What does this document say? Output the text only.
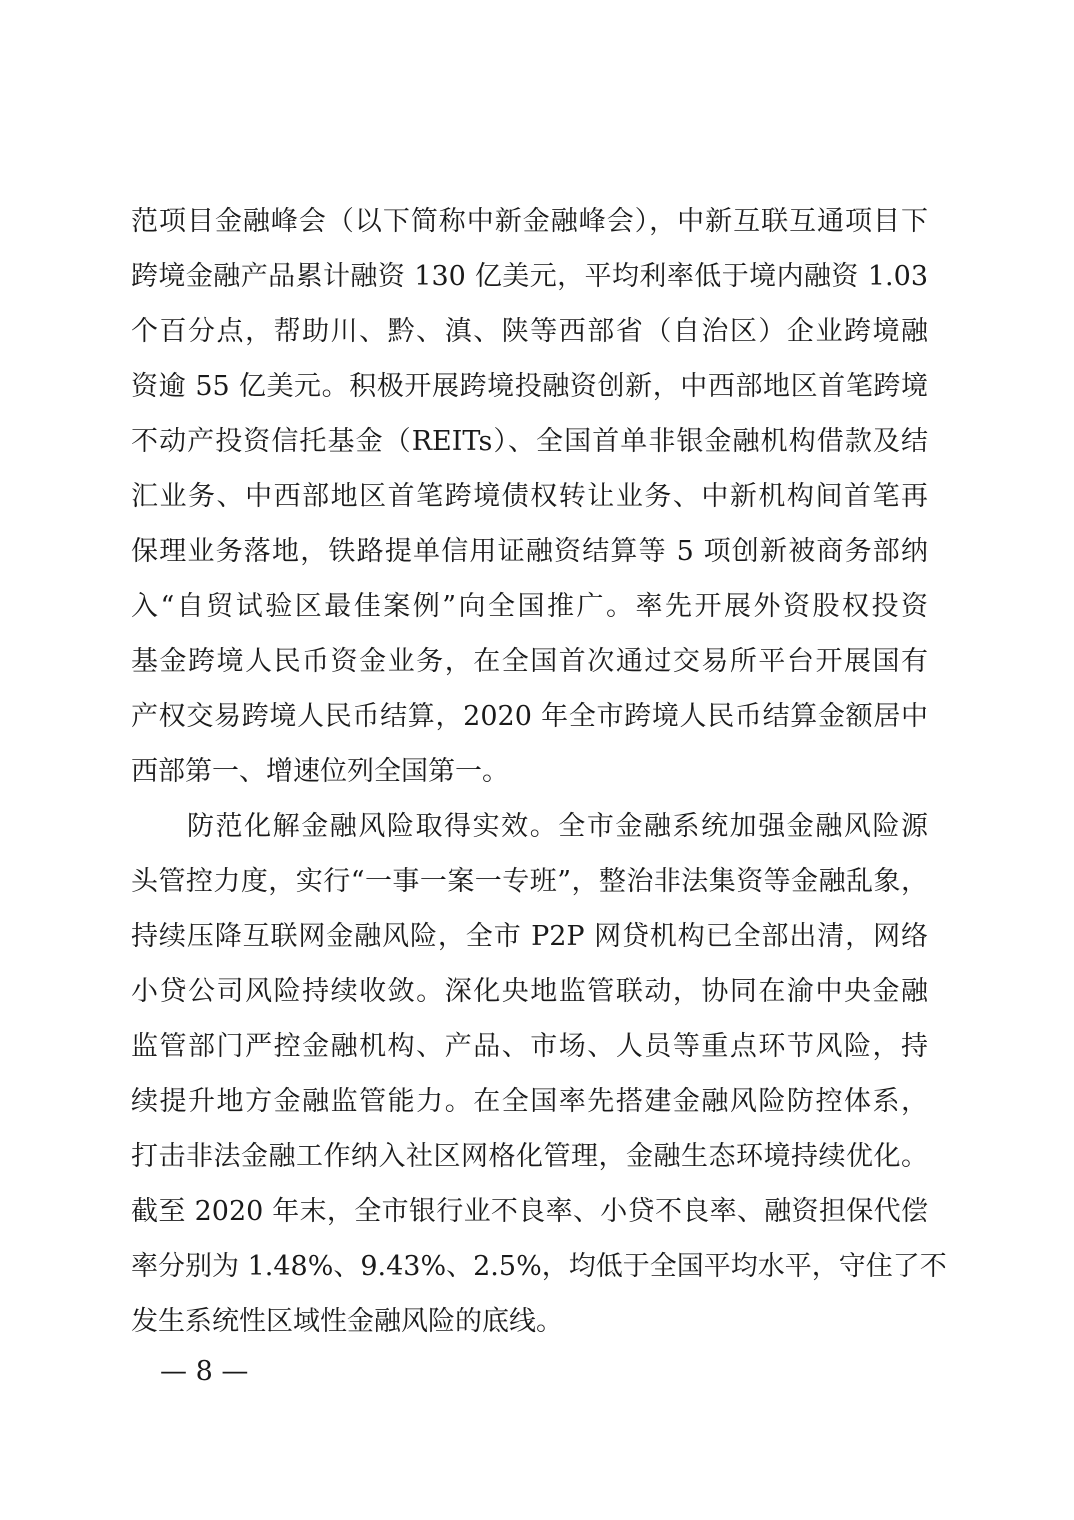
范项目金融峰会（以下简称中新金融峰会），中新互联互通项目下
跨境金融产品累计融资 130 亿美元，平均利率低于境内融资 1.03
个百分点，帮助川、黔、滇、陕等西部省（自治区）企业跨境融
资逾 55 亿美元。积极开展跨境投融资创新，中西部地区首笔跨境
不动产投资信托基金（REITs）、全国首单非银金融机构借款及结
汇业务、中西部地区首笔跨境债权转让业务、中新机构间首笔再
保理业务落地，铁路提单信用证融资结算等 5 项创新被商务部纳
入“自贸试验区最佳案例”向全国推广。率先开展外资股权投资
基金跨境人民币资金业务，在全国首次通过交易所平台开展国有
产权交易跨境人民币结算，2020 年全市跨境人民币结算金额居中
西部第一、增速位列全国第一。
防范化解金融风险取得实效。全市金融系统加强金融风险源
头管控力度，实行“一事一案一专班”，整治非法集资等金融乱象，
持续压降互联网金融风险，全市 P2P 网贷机构已全部出清，网络
小贷公司风险持续收敛。深化央地监管联动，协同在渝中央金融
监管部门严控金融机构、产品、市场、人员等重点环节风险，持
续提升地方金融监管能力。在全国率先搭建金融风险防控体系，
打击非法金融工作纳入社区网格化管理，金融生态环境持续优化。
截至 2020 年末，全市银行业不良率、小贷不良率、融资担保代偿
率分别为 1.48%、9.43%、2.5%，均低于全国平均水平，守住了不
发生系统性区域性金融风险的底线。
— 8 —
